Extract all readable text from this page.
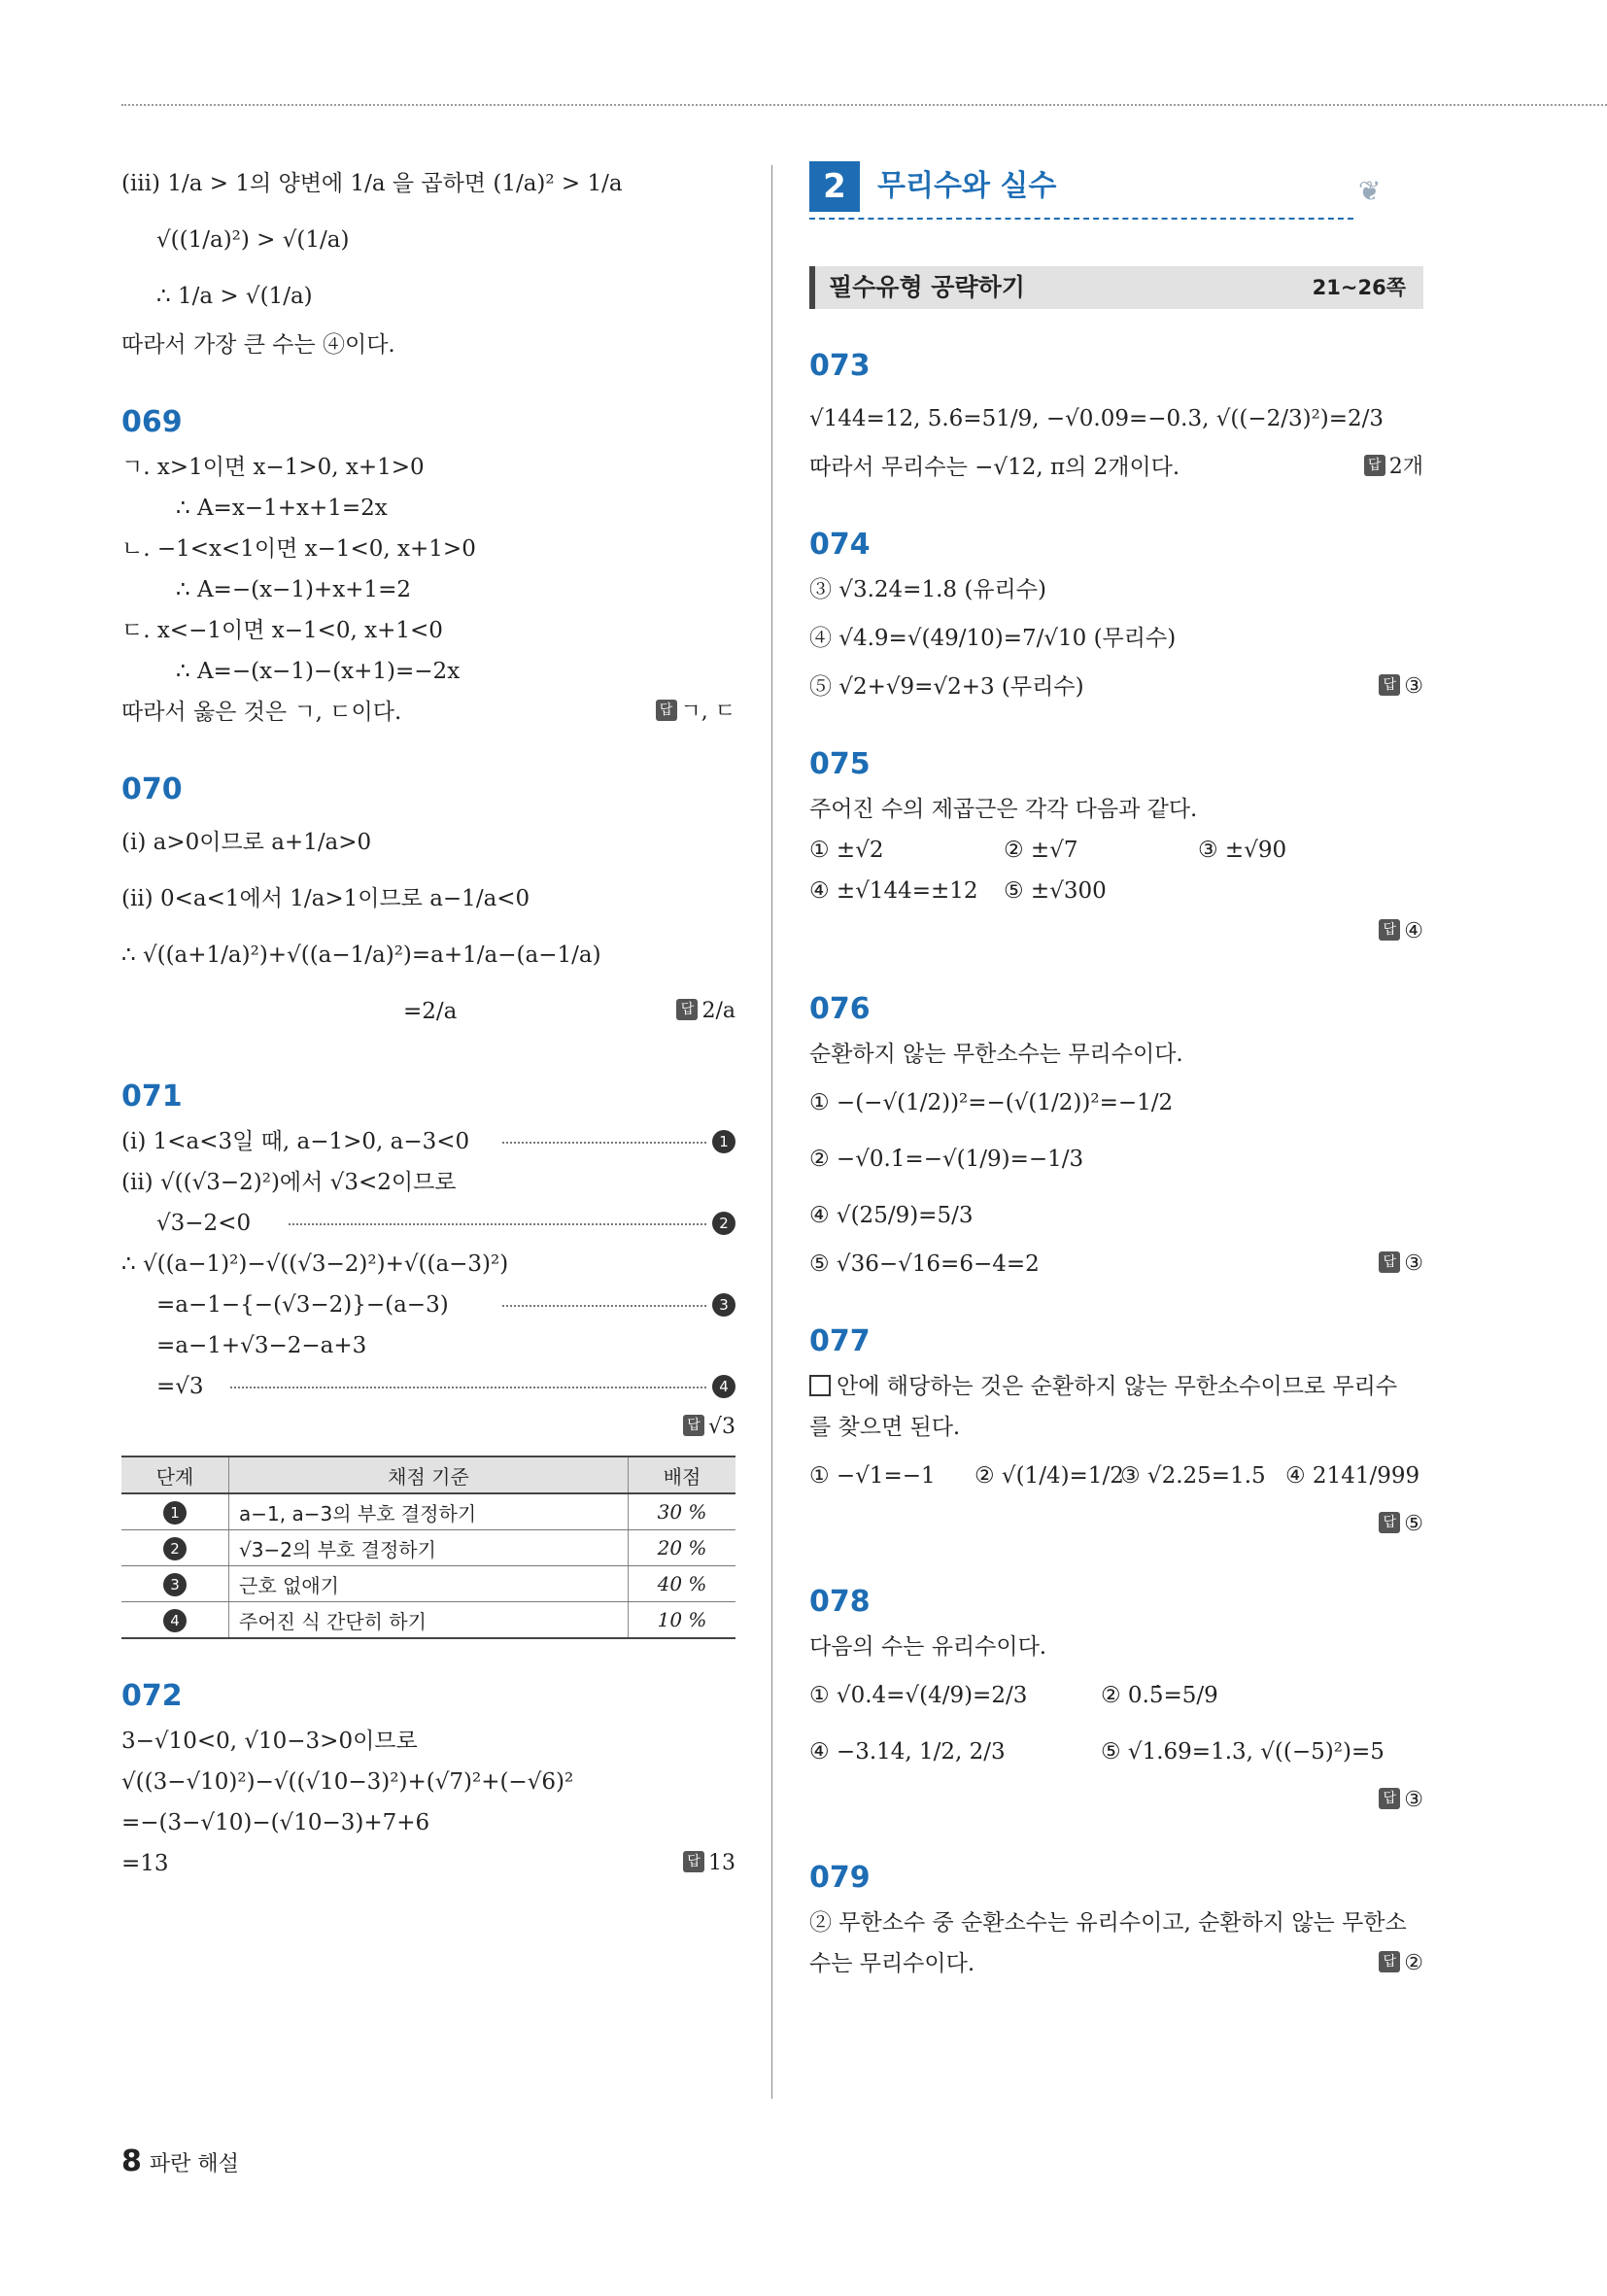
(iii) 1/a > 1의 양변에 1/a 을 곱하면 (1/a)² > 1/a
√((1/a)²) > √(1/a)
∴ 1/a > √(1/a)
따라서 가장 큰 수는 ④이다.
069
ㄱ. x>1이면 x−1>0, x+1>0
∴ A=x−1+x+1=2x
ㄴ. −1<x<1이면 x−1<0, x+1>0
∴ A=−(x−1)+x+1=2
ㄷ. x<−1이면 x−1<0, x+1<0
∴ A=−(x−1)−(x+1)=−2x
따라서 옳은 것은 ㄱ, ㄷ이다.	답 ㄱ, ㄷ
070
(i) a>0이므로 a+1/a>0
(ii) 0<a<1에서 1/a>1이므로 a−1/a<0
∴ √((a+1/a)²)+√((a−1/a)²)=a+1/a−(a−1/a)
=2/a	답 2/a
071
(i) 1<a<3일 때, a−1>0, a−3<0	1
(ii) √((√3−2)²)에서 √3<2이므로
√3−2<0	2
∴ √((a−1)²)−√((√3−2)²)+√((a−3)²)
=a−1−{−(√3−2)}−(a−3)	3
=a−1+√3−2−a+3
=√3	4
답 √3
단계	채점 기준	배점
1	a−1, a−3의 부호 결정하기	30 %
2	√3−2의 부호 결정하기	20 %
3	근호 없애기	40 %
4	주어진 식 간단히 하기	10 %
072
3−√10<0, √10−3>0이므로
√((3−√10)²)−√((√10−3)²)+(√7)²+(−√6)²
=−(3−√10)−(√10−3)+7+6
=13	답 13
2	무리수와 실수	❦
필수유형 공략하기	21~26쪽
073
√144=12, 5.6̇=51/9, −√0.09=−0.3, √((−2/3)²)=2/3
따라서 무리수는 −√12, π의 2개이다.	답 2개
074
③ √3.24=1.8 (유리수)
④ √4.9=√(49/10)=7/√10 (무리수)
⑤ √2+√9=√2+3 (무리수)	답 ③
075
주어진 수의 제곱근은 각각 다음과 같다.
① ±√2	② ±√7	③ ±√90
④ ±√144=±12 ⑤ ±√300
답 ④
076
순환하지 않는 무한소수는 무리수이다.
① −(−√(1/2))²=−(√(1/2))²=−1/2
② −√0.1̇=−√(1/9)=−1/3
④ √(25/9)=5/3
⑤ √36−√16=6−4=2	답 ③
077
안에 해당하는 것은 순환하지 않는 무한소수이므로 무리수
를 찾으면 된다.
① −√1=−1 ② √(1/4)=1/2③ √2.25=1.5 ④ 2141/999
답 ⑤
078
다음의 수는 유리수이다.
① √0.4̇=√(4/9)=2/3	② 0.5̇=5/9
④ −3.14, 1/2, 2/3	⑤ √1.69=1.3, √((−5)²)=5
답 ③
079
② 무한소수 중 순환소수는 유리수이고, 순환하지 않는 무한소
수는 무리수이다.	답 ②
8 파란 해설
